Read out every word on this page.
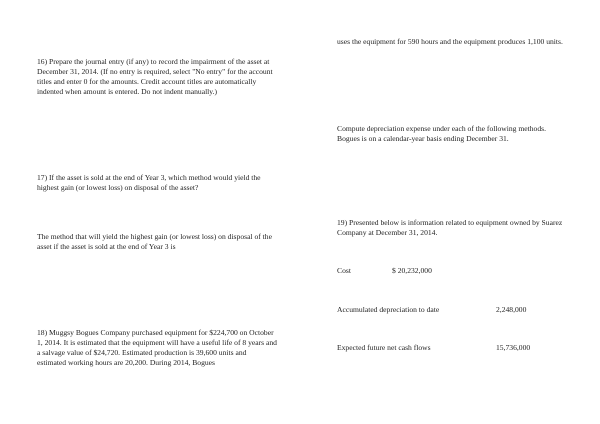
16) Prepare the journal entry (if any) to record the impairment of the asset at December 31, 2014. (If no entry is required, select "No entry" for the account titles and enter 0 for the amounts. Credit account titles are automatically indented when amount is entered. Do not indent manually.)

17) If the asset is sold at the end of Year 3, which method would yield the highest gain (or lowest loss) on disposal of the asset?

The method that will yield the highest gain (or lowest loss) on disposal of the asset if the asset is sold at the end of Year 3 is

18) Muggsy Bogues Company purchased equipment for $224,700 on October 1, 2014. It is estimated that the equipment will have a useful life of 8 years and a salvage value of $24,720. Estimated production is 39,600 units and estimated working hours are 20,200. During 2014, Bogues

uses the equipment for 590 hours and the equipment produces 1,100 units.

Compute depreciation expense under each of the following methods. Bogues is on a calendar-year basis ending December 31.

19) Presented below is information related to equipment owned by Suarez Company at December 31, 2014.

Cost	$ 20,232,000
Accumulated depreciation to date	2,248,000
Expected future net cash flows	15,736,000
